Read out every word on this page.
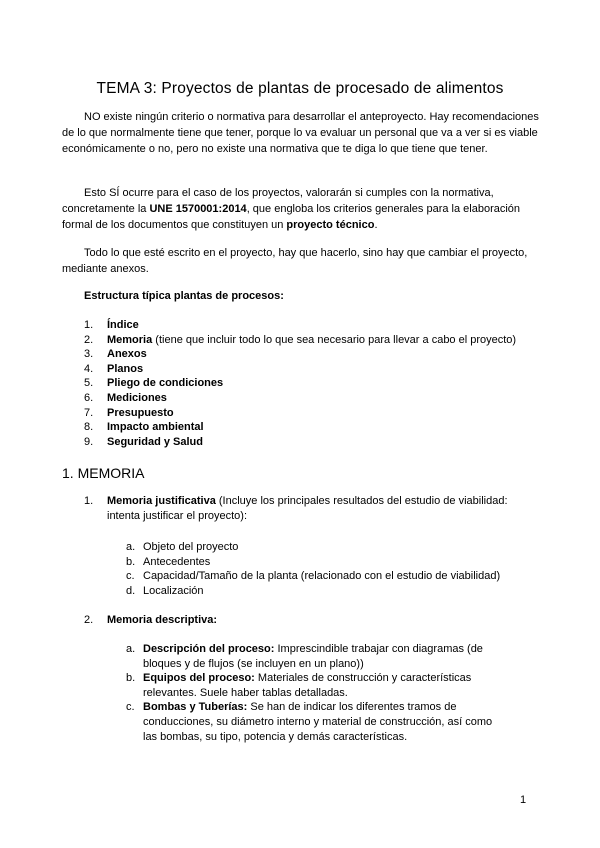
TEMA 3: Proyectos de plantas de procesado de alimentos

NO existe ningún criterio o normativa para desarrollar el anteproyecto. Hay recomendaciones de lo que normalmente tiene que tener, porque lo va evaluar un personal que va a ver si es viable económicamente o no, pero no existe una normativa que te diga lo que tiene que tener.

Esto SÍ ocurre para el caso de los proyectos, valorarán si cumples con la normativa, concretamente la UNE 1570001:2014, que engloba los criterios generales para la elaboración formal de los documentos que constituyen un proyecto técnico.

Todo lo que esté escrito en el proyecto, hay que hacerlo, sino hay que cambiar el proyecto, mediante anexos.

Estructura típica plantas de procesos:

1.	Índice
2.	Memoria (tiene que incluir todo lo que sea necesario para llevar a cabo el proyecto)
3.	Anexos
4.	Planos
5.	Pliego de condiciones
6.	Mediciones
7.	Presupuesto
8.	Impacto ambiental
9.	Seguridad y Salud
1. MEMORIA
1. Memoria justificativa (Incluye los principales resultados del estudio de viabilidad: intenta justificar el proyecto):
a. Objeto del proyecto
b. Antecedentes
c. Capacidad/Tamaño de la planta (relacionado con el estudio de viabilidad)
d. Localización
2. Memoria descriptiva:
a. Descripción del proceso: Imprescindible trabajar con diagramas (de bloques y de flujos (se incluyen en un plano))
b. Equipos del proceso: Materiales de construcción y características relevantes. Suele haber tablas detalladas.
c. Bombas y Tuberías: Se han de indicar los diferentes tramos de conducciones, su diámetro interno y material de construcción, así como las bombas, su tipo, potencia y demás características.
1
